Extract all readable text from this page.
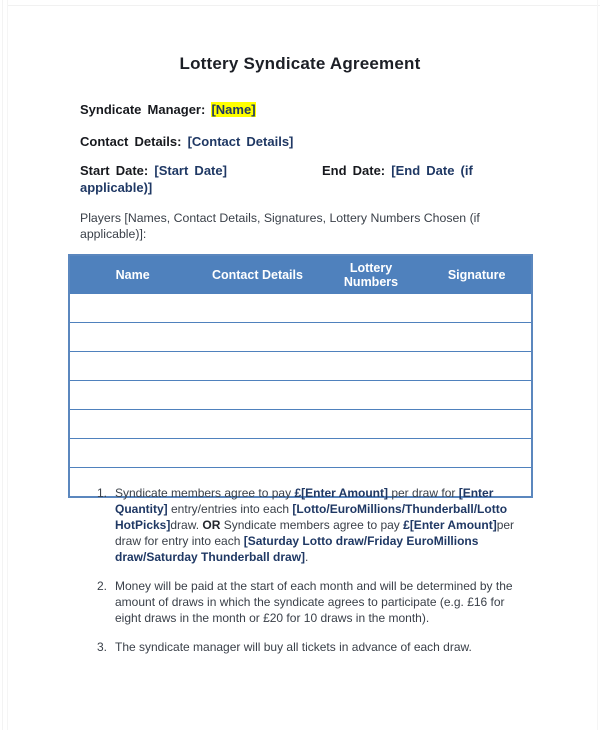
Lottery Syndicate Agreement
Syndicate Manager: [Name]
Contact Details: [Contact Details]
Start Date: [Start Date]	End Date: [End Date (if applicable)]
Players [Names, Contact Details, Signatures, Lottery Numbers Chosen (if applicable)]:
Name	Contact Details	Lottery Numbers	Signature

1. Syndicate members agree to pay £[Enter Amount] per draw for [Enter Quantity] entry/entries into each [Lotto/EuroMillions/Thunderball/Lotto HotPicks]draw. OR Syndicate members agree to pay £[Enter Amount]per draw for entry into each [Saturday Lotto draw/Friday EuroMillions draw/Saturday Thunderball draw].

2. Money will be paid at the start of each month and will be determined by the amount of draws in which the syndicate agrees to participate (e.g. £16 for eight draws in the month or £20 for 10 draws in the month).

3. The syndicate manager will buy all tickets in advance of each draw.
